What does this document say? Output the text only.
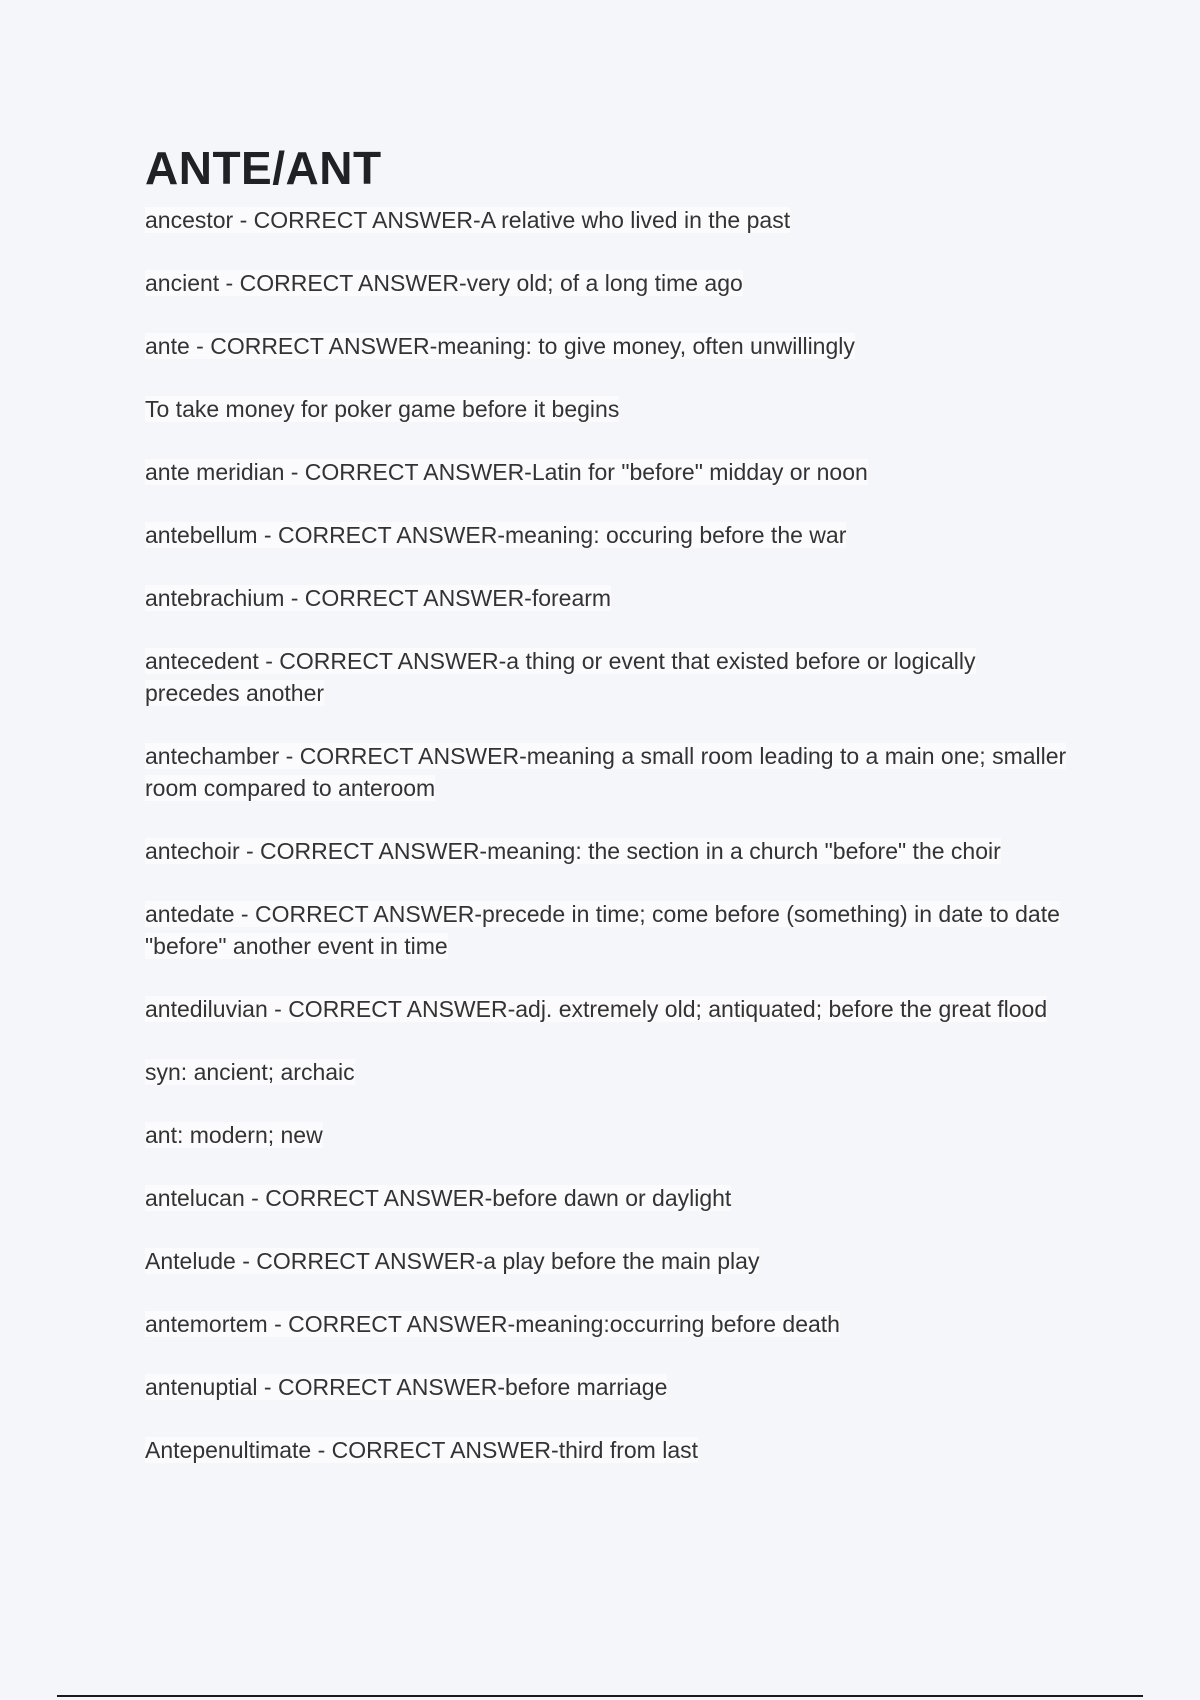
ANTE/ANT

ancestor - CORRECT ANSWER-A relative who lived in the past

ancient - CORRECT ANSWER-very old; of a long time ago

ante - CORRECT ANSWER-meaning: to give money, often unwillingly

To take money for poker game before it begins

ante meridian - CORRECT ANSWER-Latin for "before" midday or noon

antebellum - CORRECT ANSWER-meaning: occuring before the war

antebrachium - CORRECT ANSWER-forearm

antecedent - CORRECT ANSWER-a thing or event that existed before or logically precedes another

antechamber - CORRECT ANSWER-meaning a small room leading to a main one; smaller room compared to anteroom

antechoir - CORRECT ANSWER-meaning: the section in a church "before" the choir

antedate - CORRECT ANSWER-precede in time; come before (something) in date to date "before" another event in time

antediluvian - CORRECT ANSWER-adj. extremely old; antiquated; before the great flood

syn: ancient; archaic

ant: modern; new

antelucan - CORRECT ANSWER-before dawn or daylight

Antelude - CORRECT ANSWER-a play before the main play

antemortem - CORRECT ANSWER-meaning:occurring before death

antenuptial - CORRECT ANSWER-before marriage

Antepenultimate - CORRECT ANSWER-third from last
